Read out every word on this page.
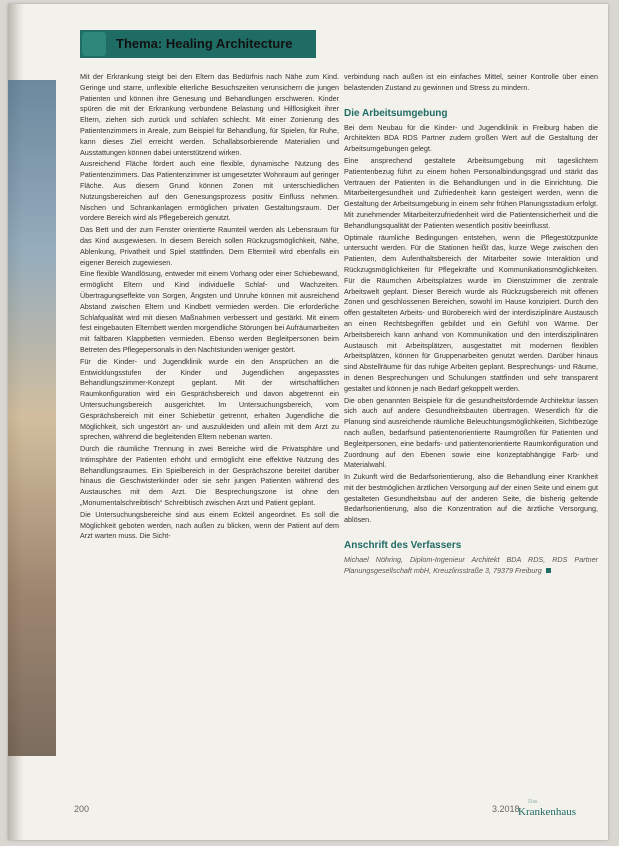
Thema: Healing Architecture

Mit der Erkrankung steigt bei den Eltern das Bedürfnis nach Nähe zum Kind. Geringe und starre, unflexible elterliche Besuchszeiten verunsichern die jungen Patienten und können ihre Genesung und Behandlungen erschweren. Kinder spüren die mit der Erkrankung verbundene Belastung und Hilflosigkeit ihrer Eltern, ziehen sich zurück und schlafen schlecht. Mit einer Zonierung des Patientenzimmers in Areale, zum Beispiel für Behandlung, für Spielen, für Ruhe, kann dieses Ziel erreicht werden. Schallabsorbierende Materialien und Ausstattungen können dabei unterstützend wirken.

Ausreichend Fläche fördert auch eine flexible, dynamische Nutzung des Patientenzimmers. Das Patientenzimmer ist umgesetzter Wohnraum auf geringer Fläche. Aus diesem Grund können Zonen mit unterschiedlichen Nutzungsbereichen auf den Genesungsprozess positiv Einfluss nehmen. Nischen und Schrankanlagen ermöglichen privaten Gestaltungsraum. Der vordere Bereich wird als Pflegebereich genutzt.

Das Bett und der zum Fenster orientierte Raumteil werden als Lebensraum für das Kind ausgewiesen. In diesem Bereich sollen Rückzugsmöglichkeit, Nähe, Ablenkung, Privatheit und Spiel stattfinden. Dem Elternteil wird ebenfalls ein eigener Bereich zugewiesen.

Eine flexible Wandlösung, entweder mit einem Vorhang oder einer Schiebewand, ermöglicht Eltern und Kind individuelle Schlaf- und Wachzeiten. Übertragungseffekte von Sorgen, Ängsten und Unruhe können mit ausreichend Abstand zwischen Eltern und Kindbett vermieden werden. Die erforderliche Schlafqualität wird mit diesen Maßnahmen verbessert und gestärkt. Mit einem fest eingebauten Elternbett werden morgendliche Störungen bei Aufräumarbeiten mit faltbaren Klappbetten vermieden. Ebenso werden Begleitpersonen beim Betreten des Pflegepersonals in den Nachtstunden weniger gestört.

Für die Kinder- und Jugendklinik wurde ein den Ansprüchen an die Entwicklungsstufen der Kinder und Jugendlichen angepasstes Behandlungszimmer-Konzept geplant. Mit der wirtschaftlichen Raumkonfiguration wird ein Gesprächsbereich und davon abgetrennt ein Untersuchungsbereich ausgerichtet. Im Untersuchungsbereich, vom Gesprächsbereich mit einer Schiebetür getrennt, erhalten Jugendliche die Möglichkeit, sich ungestört an- und auszukleiden und allein mit dem Arzt zu sprechen, während die begleitenden Eltern nebenan warten.

Durch die räumliche Trennung in zwei Bereiche wird die Privatsphäre und Intimsphäre der Patienten erhöht und ermöglicht eine effektive Nutzung des Behandlungsraumes. Ein Spielbereich in der Gesprächszone bereitet darüber hinaus die Geschwisterkinder oder sie sehr jungen Patienten während des Austausches mit dem Arzt. Die Besprechungszone ist ohne den „Monumentalschreibtisch“ Schreibtisch zwischen Arzt und Patient geplant.

Die Untersuchungsbereiche sind aus einem Eckteil angeordnet. Es soll die Möglichkeit geboten werden, nach außen zu blicken, wenn der Patient auf dem Arzt warten muss. Die Sicht-

verbindung nach außen ist ein einfaches Mittel, seiner Kontrolle über einen belastenden Zustand zu gewinnen und Stress zu mindern.

Die Arbeitsumgebung

Bei dem Neubau für die Kinder- und Jugendklinik in Freiburg haben die Architekten BDA RDS Partner zudem großen Wert auf die Gestaltung der Arbeitsumgebungen gelegt.

Eine ansprechend gestaltete Arbeitsumgebung mit tageslichtem Patientenbezug führt zu einem hohen Personalbindungsgrad und stärkt das Vertrauen der Patienten in die Behandlungen und in die Einrichtung. Die Mitarbeitergesundheit und Zufriedenheit kann gesteigert werden, wenn die Gestaltung der Arbeitsumgebung in einem sehr frühen Planungsstadium erfolgt. Mit zunehmender Mitarbeiterzufriedenheit wird die Patientensicherheit und die Behandlungsqualität der Patienten wesentlich positiv beeinflusst.

Optimale räumliche Bedingungen entstehen, wenn die Pflegestützpunkte untersucht werden. Für die Stationen heißt das, kurze Wege zwischen den Patienten, dem Aufenthaltsbereich der Mitarbeiter sowie Interaktion und Rückzugsmöglichkeiten für Pflegekräfte und Kommunikationsmöglichkeiten. Für die Räumchen Arbeitsplatzes wurde im Dienstzimmer die zentrale Arbeitswelt geplant. Dieser Bereich wurde als Rückzugsbereich mit offenen Zonen und geschlossenen Bereichen, sowohl im Hause konzipiert. Durch den offen gestalteten Arbeits- und Bürobereich wird der interdisziplinäre Austausch an einen Rechtsbegriffen gebildet und ein Gefühl von Wärme. Der Arbeitsbereich kann anhand von Kommunikation und den interdisziplinären Austausch mit Arbeitsplätzen, ausgestattet mit modernen flexiblen Arbeitsplätzen, können für Gruppenarbeiten genutzt werden. Darüber hinaus sind Abstellräume für das ruhige Arbeiten geplant. Besprechungs- und Räume, in denen Besprechungen und Schulungen stattfinden und sehr transparent gestaltet und können je nach Bedarf gekoppelt werden.

Die oben genannten Beispiele für die gesundheitsfördernde Architektur lassen sich auch auf andere Gesundheitsbauten übertragen. Wesentlich für die Planung sind ausreichende räumliche Beleuchtungsmöglichkeiten, Sichtbezüge nach außen, bedarfsund patientenorientierte Raumgrößen für Patienten und Begleitpersonen, eine bedarfs- und patientenorientierte Raumkonfiguration und Zuordnung auf den Ebenen sowie eine konzeptabhängige Farb- und Materialwahl.

In Zukunft wird die Bedarfsorientierung, also die Behandlung einer Krankheit mit der bestmöglichen ärztlichen Versorgung auf der einen Seite und einem gut gestalteten Gesundheitsbau auf der anderen Seite, die bisherig geltende Bedarfsorientierung, also die Konzentration auf die ärztliche Versorgung, ablösen.

Anschrift des Verfassers

Michael Nöhring, Diplom-Ingenieur Architekt BDA RDS, RDS Partner Planungsgesellschaft mbH, Kreuzlinsstraße 3, 79379 Freiburg

200	3.2018
Das
Krankenhaus
